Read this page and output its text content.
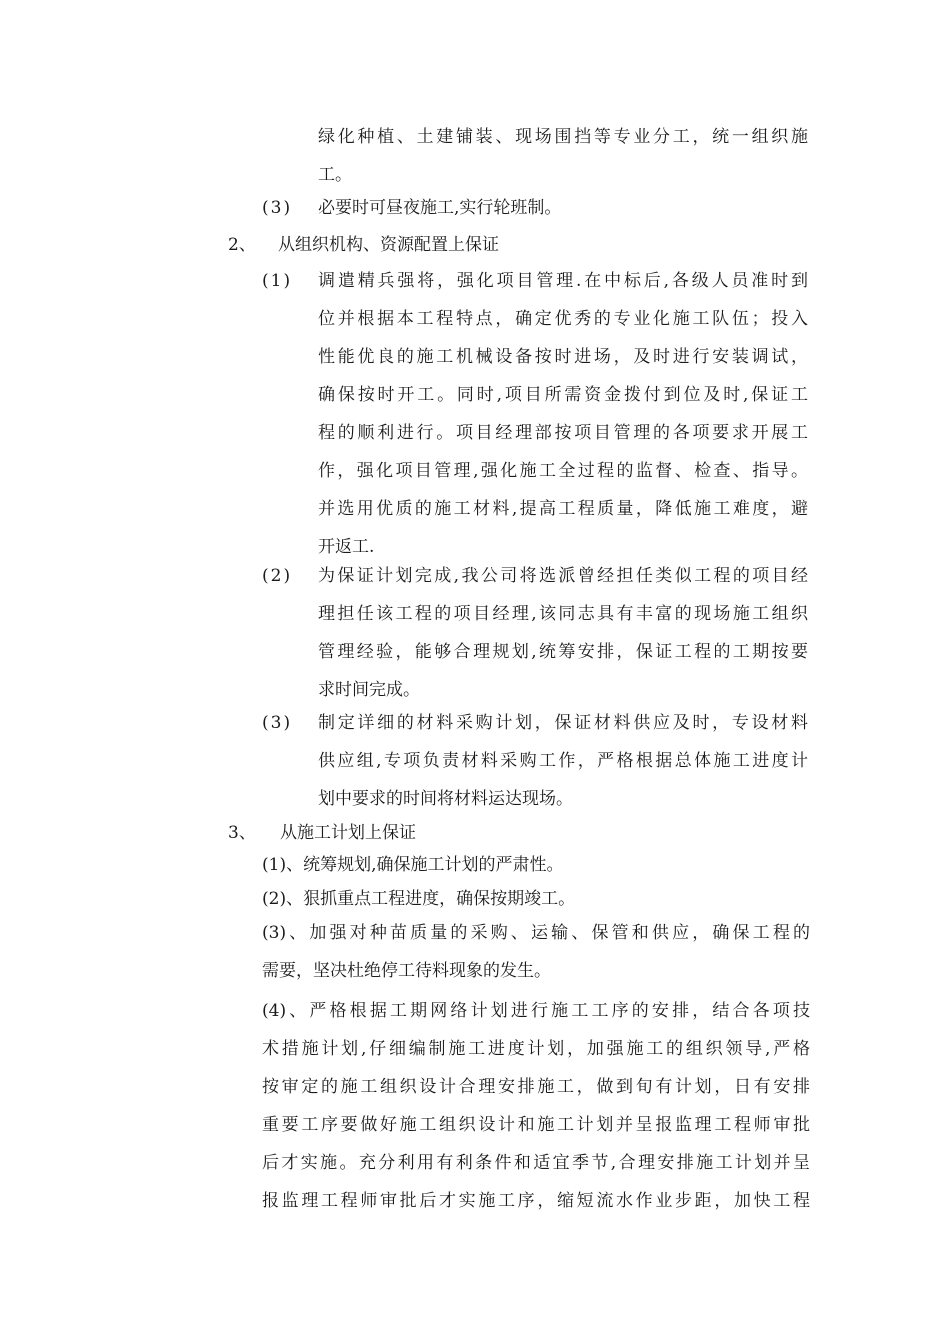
绿化种植、土建铺装、现场围挡等专业分工，统一组织施

工。

(3) 必要时可昼夜施工,实行轮班制。
2、 从组织机构、资源配置上保证
(1) 调遣精兵强将，强化项目管理.在中标后,各级人员准时到

位并根据本工程特点，确定优秀的专业化施工队伍；投入

性能优良的施工机械设备按时进场，及时进行安装调试，

确保按时开工。同时,项目所需资金拨付到位及时,保证工

程的顺利进行。项目经理部按项目管理的各项要求开展工

作，强化项目管理,强化施工全过程的监督、检查、指导。

并选用优质的施工材料,提高工程质量，降低施工难度，避

开返工.

(2) 为保证计划完成,我公司将选派曾经担任类似工程的项目经

理担任该工程的项目经理,该同志具有丰富的现场施工组织

管理经验，能够合理规划,统筹安排，保证工程的工期按要

求时间完成。

(3) 制定详细的材料采购计划，保证材料供应及时，专设材料

供应组,专项负责材料采购工作，严格根据总体施工进度计

划中要求的时间将材料运达现场。

3、 从施工计划上保证
(1)、统筹规划,确保施工计划的严肃性。
(2)、狠抓重点工程进度，确保按期竣工。

(3)、加强对种苗质量的采购、运输、保管和供应，确保工程的

需要，坚决杜绝停工待料现象的发生。

(4)、严格根据工期网络计划进行施工工序的安排，结合各项技

术措施计划,仔细编制施工进度计划，加强施工的组织领导,严格

按审定的施工组织设计合理安排施工，做到旬有计划，日有安排

重要工序要做好施工组织设计和施工计划并呈报监理工程师审批

后才实施。充分利用有利条件和适宜季节,合理安排施工计划并呈

报监理工程师审批后才实施工序，缩短流水作业步距，加快工程
